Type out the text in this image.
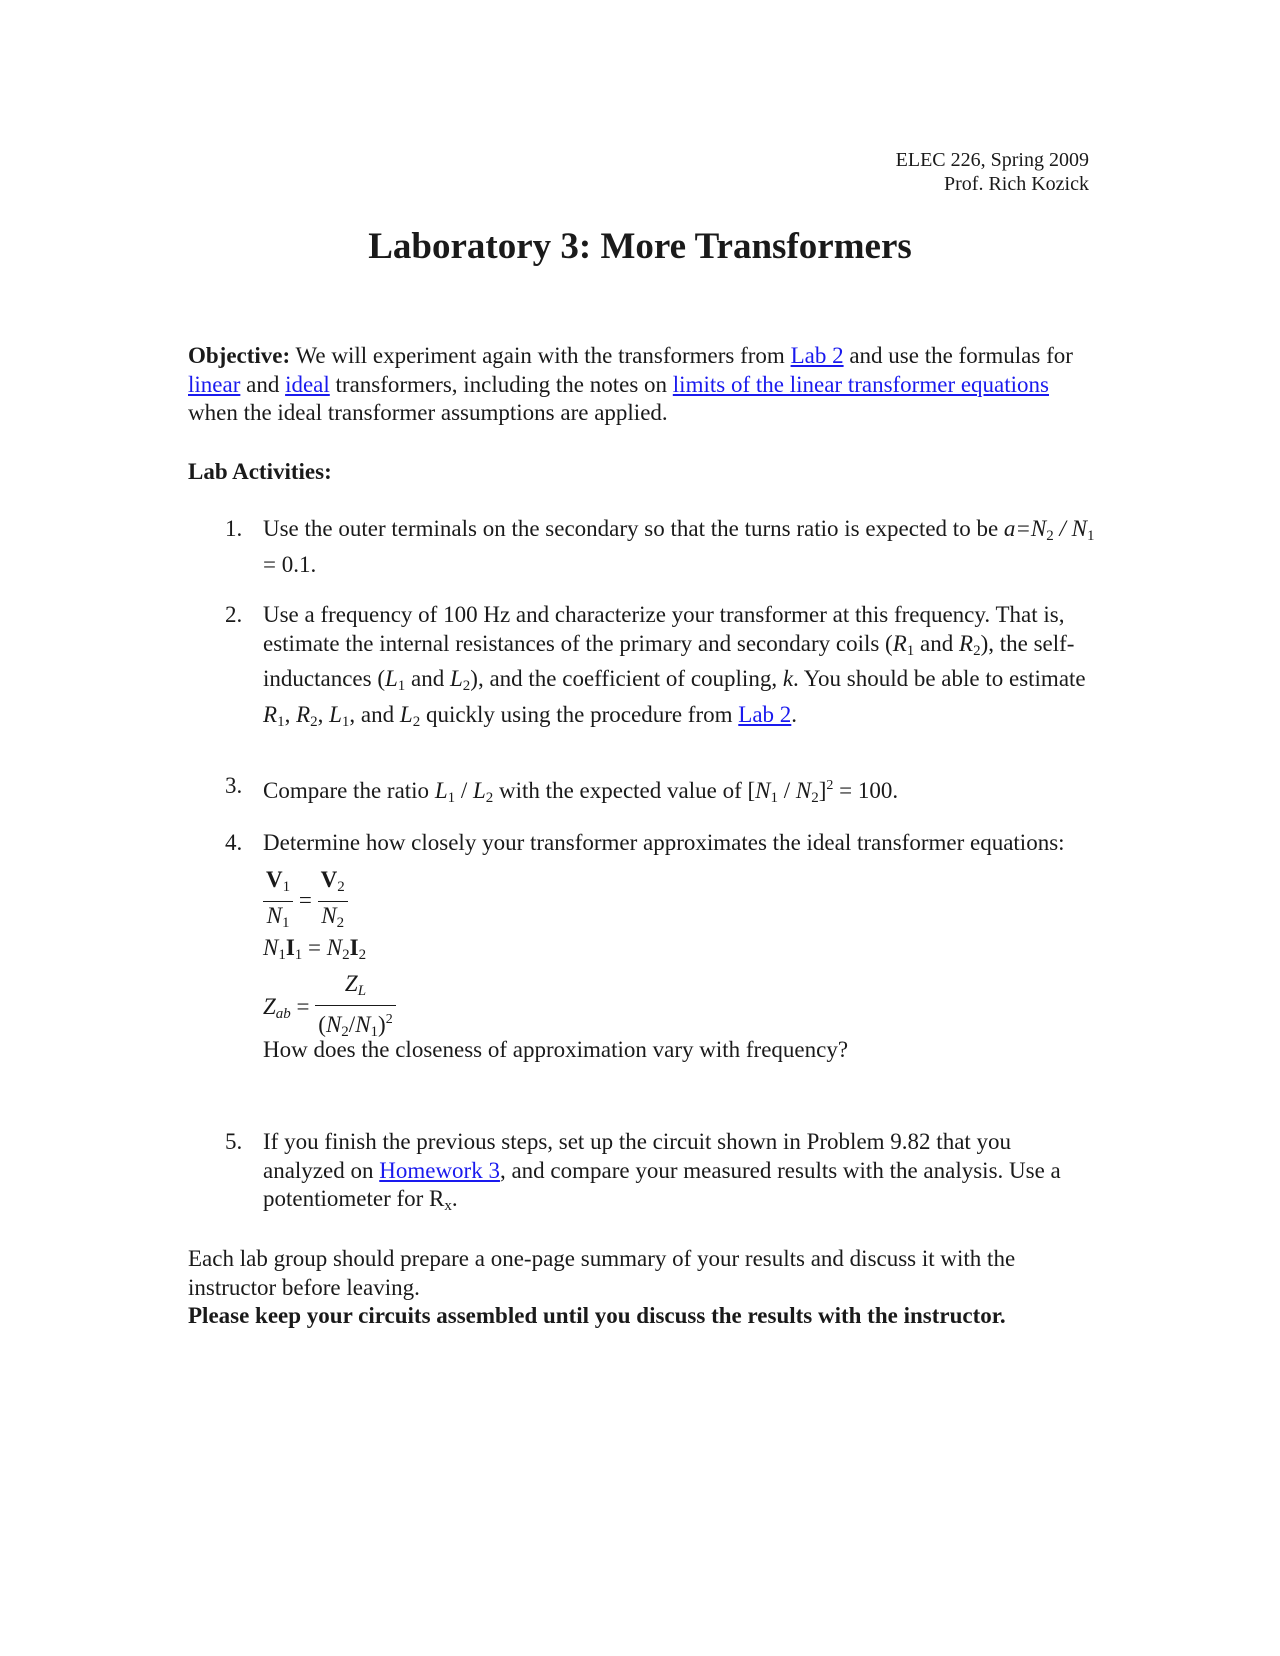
ELEC 226, Spring 2009
Prof. Rich Kozick
Laboratory 3: More Transformers
Objective: We will experiment again with the transformers from Lab 2 and use the formulas for linear and ideal transformers, including the notes on limits of the linear transformer equations when the ideal transformer assumptions are applied.
Lab Activities:
1. Use the outer terminals on the secondary so that the turns ratio is expected to be $a=N_2 / N_1 = 0.1$.
2. Use a frequency of 100 Hz and characterize your transformer at this frequency. That is, estimate the internal resistances of the primary and secondary coils ($R_1$ and $R_2$), the self-inductances ($L_1$ and $L_2$), and the coefficient of coupling, k. You should be able to estimate $R_1$, $R_2$, $L_1$, and $L_2$ quickly using the procedure from Lab 2.
3. Compare the ratio $L_1 / L_2$ with the expected value of $[N_1 / N_2]^2 = 100$.
4. Determine how closely your transformer approximates the ideal transformer equations:
$\frac{V_1}{N_1} = \frac{V_2}{N_2}$
$N_1I_1 = N_2I_2$
$Z_{ab} = \frac{Z_L}{(N_2/N_1)^2}$
How does the closeness of approximation vary with frequency?
5. If you finish the previous steps, set up the circuit shown in Problem 9.82 that you analyzed on Homework 3, and compare your measured results with the analysis. Use a potentiometer for $R_x$.
Each lab group should prepare a one-page summary of your results and discuss it with the instructor before leaving.
Please keep your circuits assembled until you discuss the results with the instructor.
